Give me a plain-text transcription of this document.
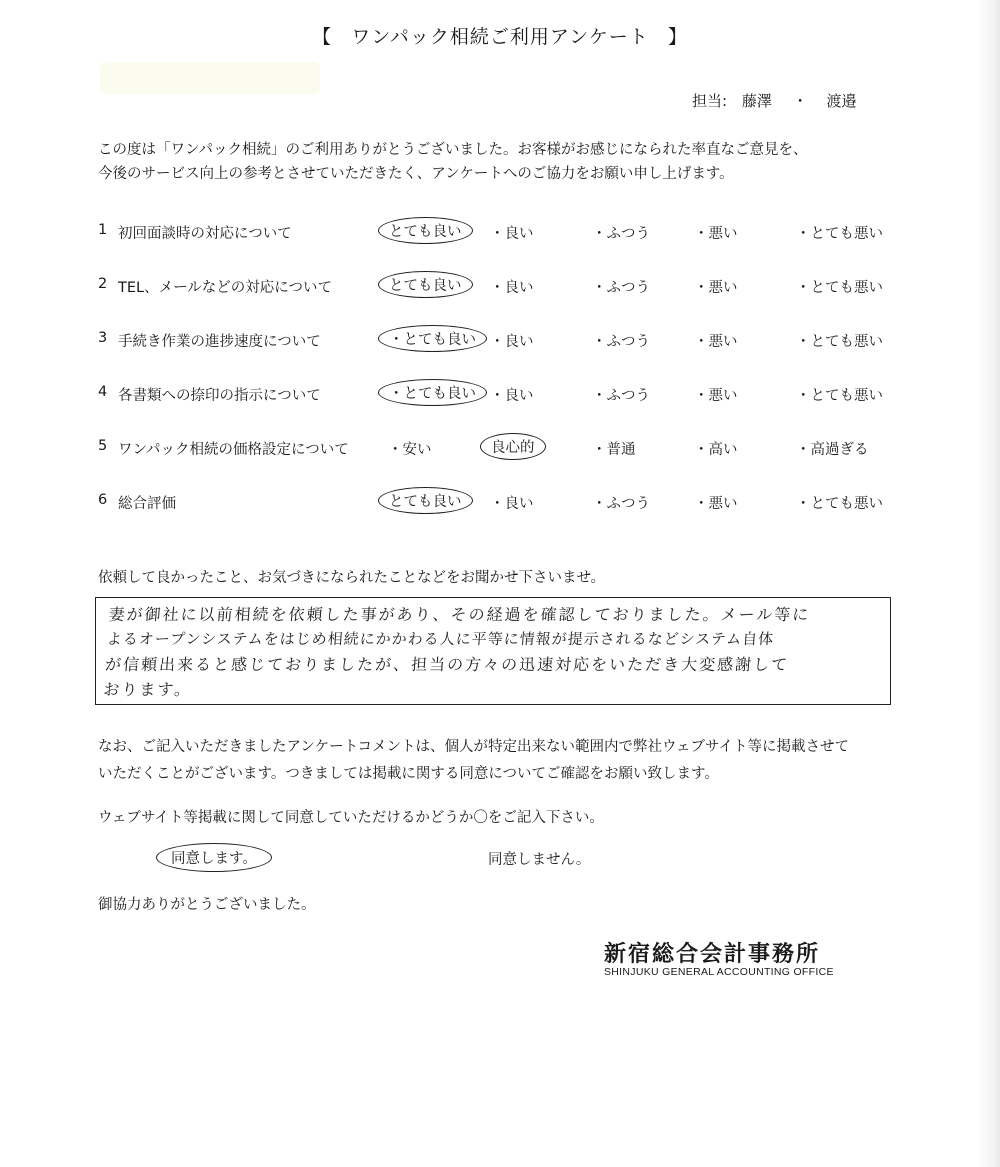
【 ワンパック相続ご利用アンケート 】
担当: 藤澤 ・ 渡邉
この度は「ワンパック相続」のご利用ありがとうございました。お客様がお感じになられた率直なご意見を、
今後のサービス向上の参考とさせていただきたく、アンケートへのご協力をお願い申し上げます。
1 初回面談時の対応について	とても良い	・良い	・ふつう	・悪い	・とても悪い
2 TEL、メールなどの対応について	とても良い	・良い	・ふつう	・悪い	・とても悪い
3 手続き作業の進捗速度について	・とても良い ・良い	・ふつう	・悪い	・とても悪い
4 各書類への捺印の指示について	・とても良い ・良い	・ふつう	・悪い	・とても悪い
5 ワンパック相続の価格設定について	・安い	良心的	・普通	・高い	・高過ぎる
6 総合評価	とても良い	・良い	・ふつう	・悪い	・とても悪い
依頼して良かったこと、お気づきになられたことなどをお聞かせ下さいませ。
妻が御社に以前相続を依頼した事があり、その経過を確認しておりました。メール等に
よるオープンシステムをはじめ相続にかかわる人に平等に情報が提示されるなどシステム自体
が信頼出来ると感じておりましたが、担当の方々の迅速対応をいただき大変感謝して
おります。
なお、ご記入いただきましたアンケートコメントは、個人が特定出来ない範囲内で弊社ウェブサイト等に掲載させて
いただくことがございます。つきましては掲載に関する同意についてご確認をお願い致します。
ウェブサイト等掲載に関して同意していただけるかどうか〇をご記入下さい。
同意します。	同意しません。
御協力ありがとうございました。
新宿総合会計事務所
SHINJUKU GENERAL ACCOUNTING OFFICE
